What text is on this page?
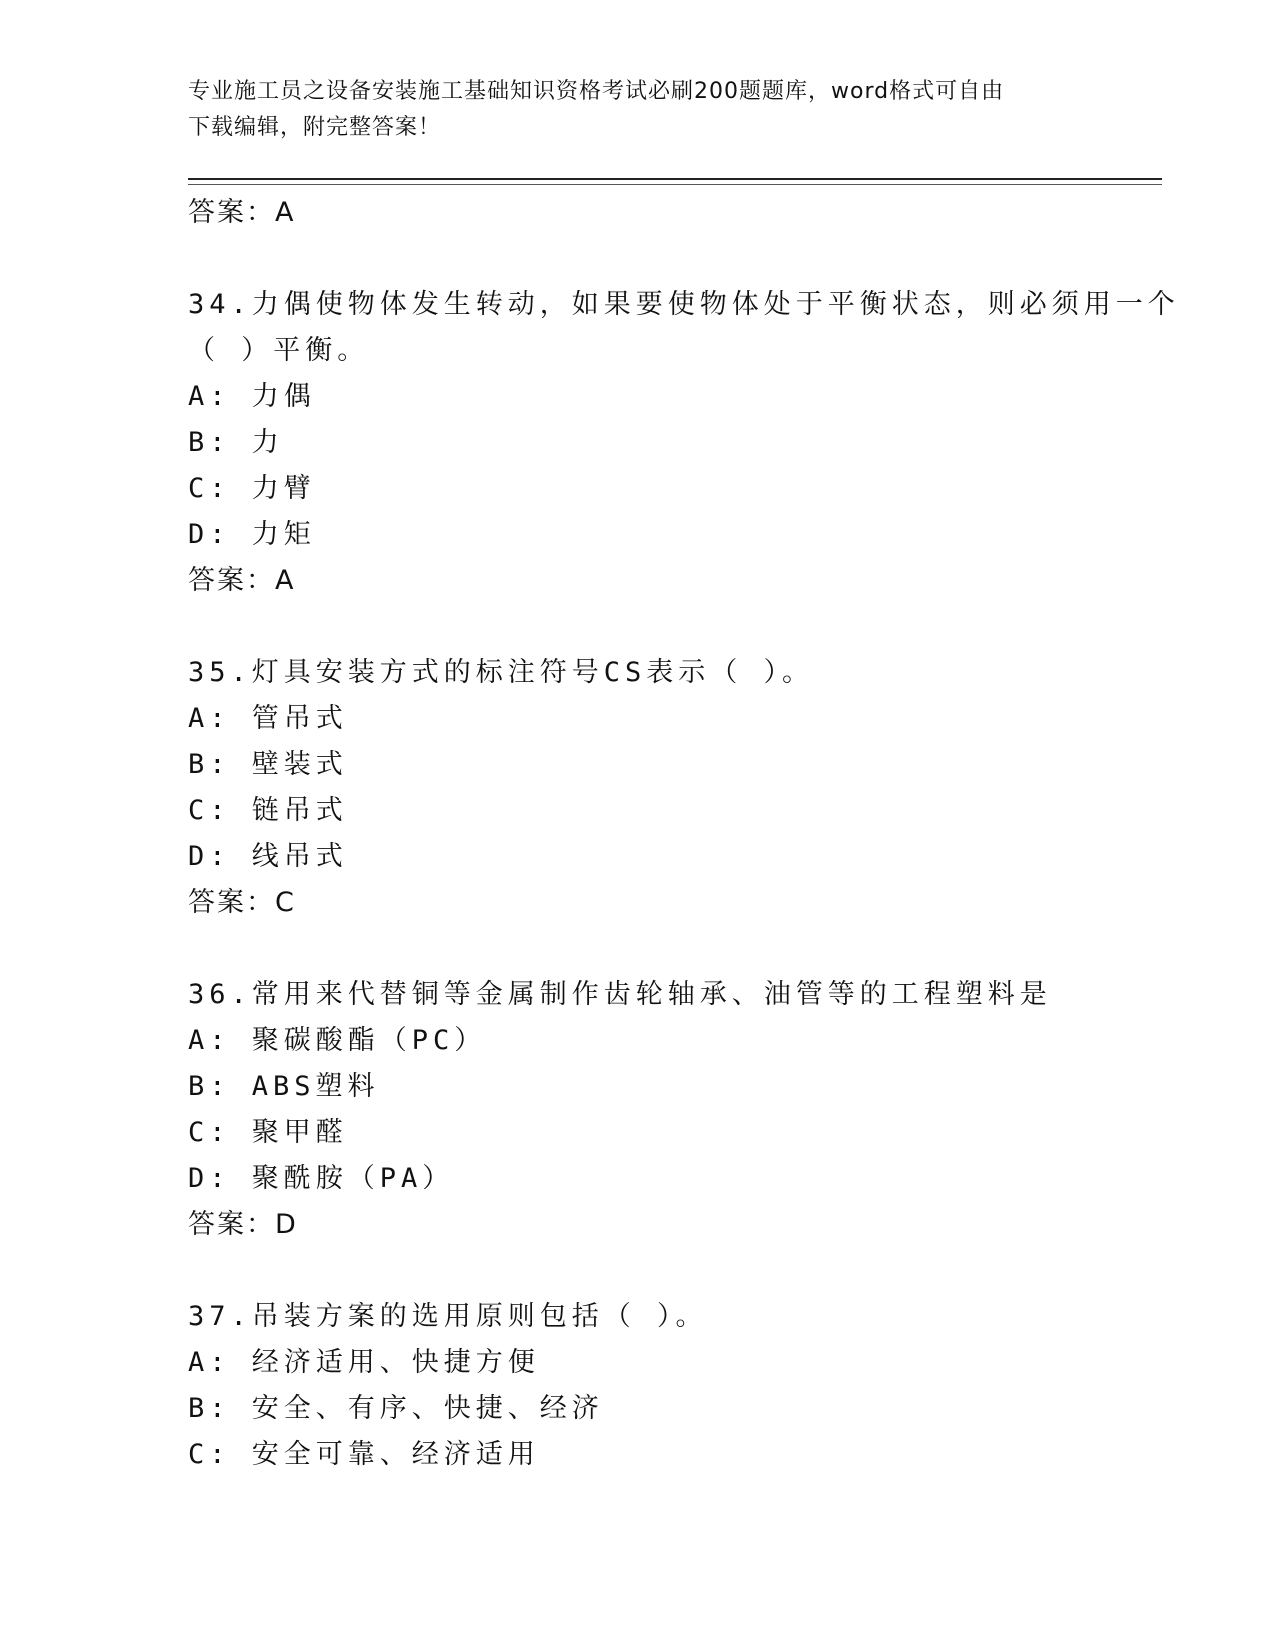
专业施工员之设备安装施工基础知识资格考试必刷200题题库，word格式可自由
下载编辑，附完整答案！
答案：A
34.力偶使物体发生转动，如果要使物体处于平衡状态，则必须用一个
（ ）平衡。
A: 力偶
B: 力
C: 力臂
D: 力矩
答案：A
35.灯具安装方式的标注符号CS表示（ ）。
A: 管吊式
B: 壁装式
C: 链吊式
D: 线吊式
答案：C
36.常用来代替铜等金属制作齿轮轴承、油管等的工程塑料是
A: 聚碳酸酯（PC）
B: ABS塑料
C: 聚甲醛
D: 聚酰胺（PA）
答案：D
37.吊装方案的选用原则包括（ ）。
A: 经济适用、快捷方便
B: 安全、有序、快捷、经济
C: 安全可靠、经济适用
